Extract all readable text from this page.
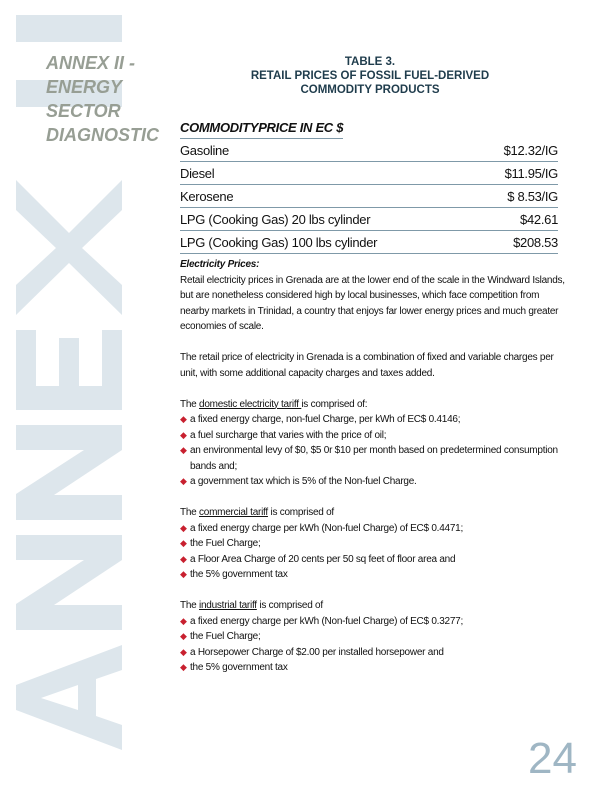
ANNEX II -
ENERGY
SECTOR
DIAGNOSTIC
TABLE 3.
RETAIL PRICES OF FOSSIL FUEL-DERIVED
COMMODITY PRODUCTS
COMMODITY	PRICE IN EC $
Gasoline	$12.32/IG
Diesel	$11.95/IG
Kerosene	$ 8.53/IG
LPG (Cooking Gas) 20 lbs cylinder	$42.61
LPG (Cooking Gas) 100 lbs cylinder	$208.53

Electricity Prices:
Retail electricity prices in Grenada are at the lower end of the scale in the Windward Islands, but are nonetheless considered high by local businesses, which face competition from nearby markets in Trinidad, a country that enjoys far lower energy prices and much greater economies of scale.

The retail price of electricity in Grenada is a combination of fixed and variable charges per unit, with some additional capacity charges and taxes added.

The domestic electricity tariff is comprised of:
◆ a fixed energy charge, non-fuel Charge, per kWh of EC$ 0.4146;
◆ a fuel surcharge that varies with the price of oil;
◆ an environmental levy of $0, $5 0r $10 per month based on predetermined consumption bands and;
◆ a government tax which is 5% of the Non-fuel Charge.
The commercial tariff is comprised of
◆ a fixed energy charge per kWh (Non-fuel Charge) of EC$ 0.4471;
◆ the Fuel Charge;
◆ a Floor Area Charge of 20 cents per 50 sq feet of floor area and
◆ the 5% government tax
The industrial tariff is comprised of
◆ a fixed energy charge per kWh (Non-fuel Charge) of EC$ 0.3277;
◆ the Fuel Charge;
◆ a Horsepower Charge of $2.00 per installed horsepower and
◆ the 5% government tax
24
